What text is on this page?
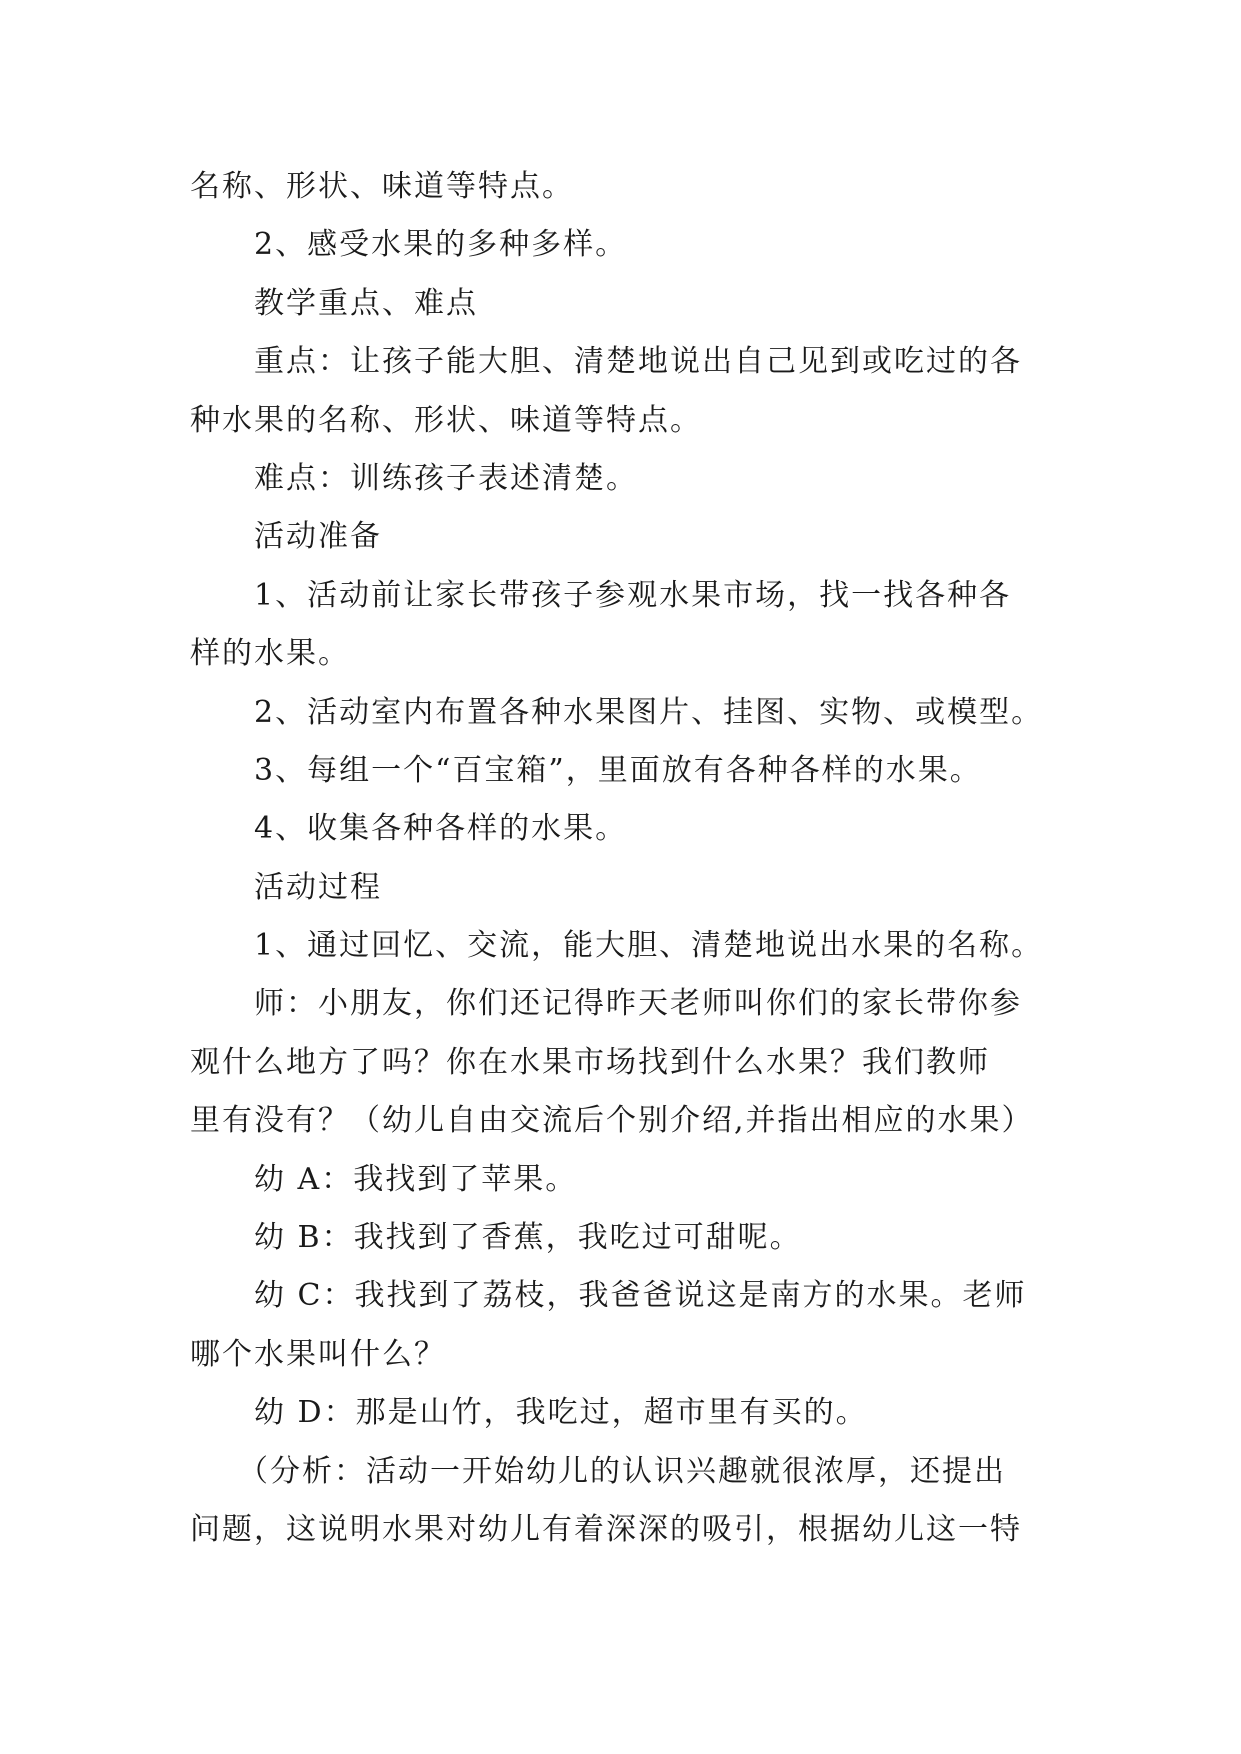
名称、形状、味道等特点。

2、感受水果的多种多样。

教学重点、难点

重点：让孩子能大胆、清楚地说出自己见到或吃过的各

种水果的名称、形状、味道等特点。

难点：训练孩子表述清楚。

活动准备

1、活动前让家长带孩子参观水果市场，找一找各种各

样的水果。

2、活动室内布置各种水果图片、挂图、实物、或模型。

3、每组一个“百宝箱”，里面放有各种各样的水果。

4、收集各种各样的水果。

活动过程

1、通过回忆、交流，能大胆、清楚地说出水果的名称。

师：小朋友，你们还记得昨天老师叫你们的家长带你参

观什么地方了吗？你在水果市场找到什么水果？我们教师

里有没有？（幼儿自由交流后个别介绍,并指出相应的水果）

幼 A：我找到了苹果。

幼 B：我找到了香蕉，我吃过可甜呢。

幼 C：我找到了荔枝，我爸爸说这是南方的水果。老师

哪个水果叫什么？

幼 D：那是山竹，我吃过，超市里有买的。

（分析：活动一开始幼儿的认识兴趣就很浓厚，还提出

问题，这说明水果对幼儿有着深深的吸引，根据幼儿这一特
